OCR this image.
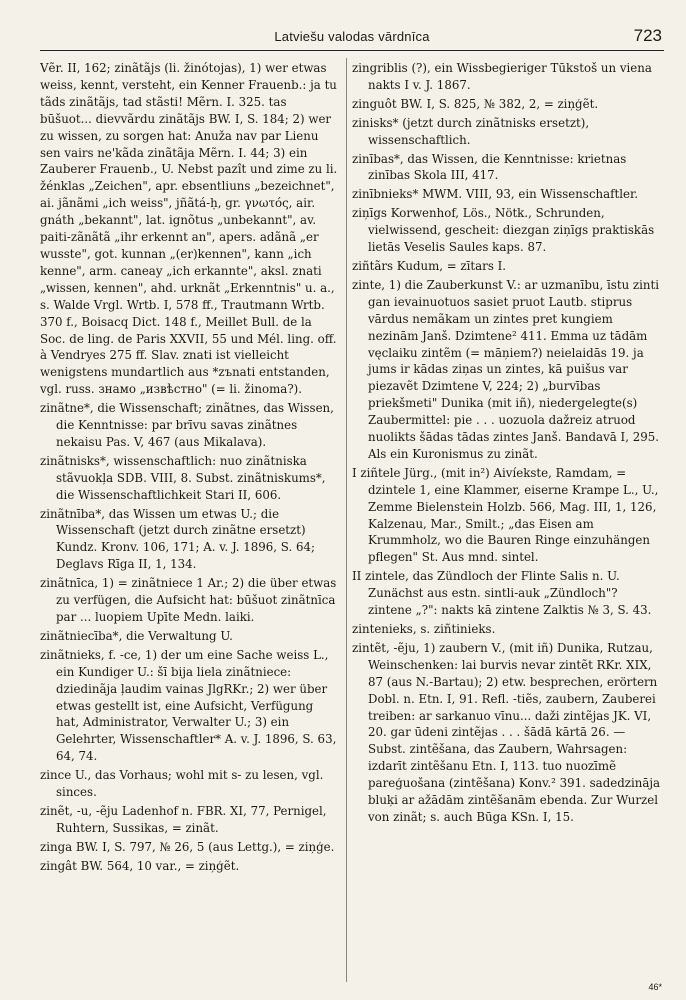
Latviešu valodas vārdnīca	723

Vẽr. II, 162; zinãtãjs (li. žinótojas), 1) wer etwas weiss, kennt, versteht, ein Kenner Frauenb.: ja tu tãds zinãtãjs, tad stãsti! Mẽrn. I. 325. tas būšuot... dievvãrdu zinãtãjs BW. I, S. 184; 2) wer zu wissen, zu sorgen hat: Anuža nav par Lienu sen vairs ne'kãda zinãtãja Mẽrn. I. 44; 3) ein Zauberer Frauenb., U. Nebst pazît und zime zu li. žénklas „Zeichen", apr. ebsentliuns „bezeichnet", ai. jãnãmi „ich weiss", jñãtá-ḥ, gr. γνωτός, air. gnáth „bekannt", lat. ignõtus „unbekannt", av. paiti-zãnãtã „ihr erkennt an", apers. adãnã „er wusste", got. kunnan „(er)kennen", kann „ich kenne", arm. caneay „ich erkannte", aksl. znati „wissen, kennen", ahd. urknãt „Erkenntnis" u. a., s. Walde Vrgl. Wrtb. I, 578 ff., Trautmann Wrtb. 370 f., Boisacq Dict. 148 f., Meillet Bull. de la Soc. de ling. de Paris XXVII, 55 und Mél. ling. off. à Vendryes 275 ff. Slav. znati ist vielleicht wenigstens mundartlich aus *zъnati entstanden, vgl. russ. знамо „извѣстно" (= li. žinoma?).

zinãtne*, die Wissenschaft; zinãtnes, das Wissen, die Kenntnisse: par brīvu savas zinãtnes nekaisu Pas. V, 467 (aus Mikalava).

zinãtnisks*, wissenschaftlich: nuo zinãtniska stãvuokļa SDB. VIII, 8. Subst. zinãtniskums*, die Wissenschaftlichkeit Stari II, 606.

zinãtnība*, das Wissen um etwas U.; die Wissenschaft (jetzt durch zinãtne ersetzt) Kundz. Kronv. 106, 171; A. v. J. 1896, S. 64; Deglavs Rīga II, 1, 134.

zinãtnīca, 1) = zinãtniece 1 Ar.; 2) die über etwas zu verfügen, die Aufsicht hat: būšuot zinãtnīca par ... luopiem Upīte Medn. laiki.

zinãtniecība*, die Verwaltung U.

zinãtnieks, f. -ce, 1) der um eine Sache weiss L., ein Kundiger U.: šī bija liela zinãtniece: dziedinãja ļaudim vainas JlgRKr.; 2) wer über etwas gestellt ist, eine Aufsicht, Verfügung hat, Administrator, Verwalter U.; 3) ein Gelehrter, Wissenschaftler* A. v. J. 1896, S. 63, 64, 74.

zince U., das Vorhaus; wohl mit s- zu lesen, vgl. sinces.

zinẽt, -u, -ẽju Ladenhof n. FBR. XI, 77, Pernigel, Ruhtern, Sussikas, = zinãt.

zinga BW. I, S. 797, № 26, 5 (aus Lettg.), = ziņģe.

zingât BW. 564, 10 var., = ziņģẽt.

zingriblis (?), ein Wissbegieriger Tūkstoš un viena nakts I v. J. 1867.

zinguôt BW. I, S. 825, № 382, 2, = ziņģẽt.

zinisks* (jetzt durch zinãtnisks ersetzt), wissenschaftlich.

zinības*, das Wissen, die Kenntnisse: krietnas zinības Skola III, 417.

zinībnieks* MWM. VIII, 93, ein Wissenschaftler.

ziņīgs Korwenhof, Lös., Nötk., Schrunden, vielwissend, gescheit: diezgan ziņīgs praktiskās lietās Veselis Saules kaps. 87.

ziñtãrs Kudum, = zītars I.

zinte, 1) die Zauberkunst V.: ar uzmanību, īstu zinti gan ievainuotuos sasiet pruot Lautb. stiprus vārdus nemãkam un zintes pret kungiem nezinām Janš. Dzimtene² 411. Emma uz tādām vęclaiku zintẽm (= māņiem?) neielaidās 19. ja jums ir kādas ziņas un zintes, kā puišus var piezavẽt Dzimtene V, 224; 2) „burvības priekšmeti" Dunika (mit iñ), niedergelegte(s) Zaubermittel: pie . . . uozuola dažreiz atruod nuolikts šādas tādas zintes Janš. Bandavā I, 295. Als ein Kuronismus zu zinãt.

I ziñtele Jürg., (mit in²) Aivíekste, Ramdam, = dzintele 1, eine Klammer, eiserne Krampe L., U., Zemme Bielenstein Holzb. 566, Mag. III, 1, 126, Kalzenau, Mar., Smilt.; „das Eisen am Krummholz, wo die Bauren Ringe einzuhängen pflegen" St. Aus mnd. sintel.

II zintele, das Zündloch der Flinte Salis n. U. Zunächst aus estn. sintli-auk „Zündloch"? zintene „?": nakts kā zintene Zalktis № 3, S. 43.

zintenieks, s. ziñtinieks.

zintẽt, -ẽju, 1) zaubern V., (mit iñ) Dunika, Rutzau, Weinschenken: lai burvis nevar zintẽt RKr. XIX, 87 (aus N.-Bartau); 2) etw. besprechen, erörtern Dobl. n. Etn. I, 91. Refl. -tiẽs, zaubern, Zauberei treiben: ar sarkanuo vīnu... daži zintẽjas JK. VI, 20. gar ūdeni zintẽjas . . . šādā kārtā 26. — Subst. zintẽšana, das Zaubern, Wahrsagen: izdarīt zintẽšanu Etn. I, 113. tuo nuozīmẽ pareģuošana (zintẽšana) Konv.² 391. sadedzināja bluķi ar ažādām zintẽšanām ebenda. Zur Wurzel von zinãt; s. auch Būga KSn. I, 15.

46*
